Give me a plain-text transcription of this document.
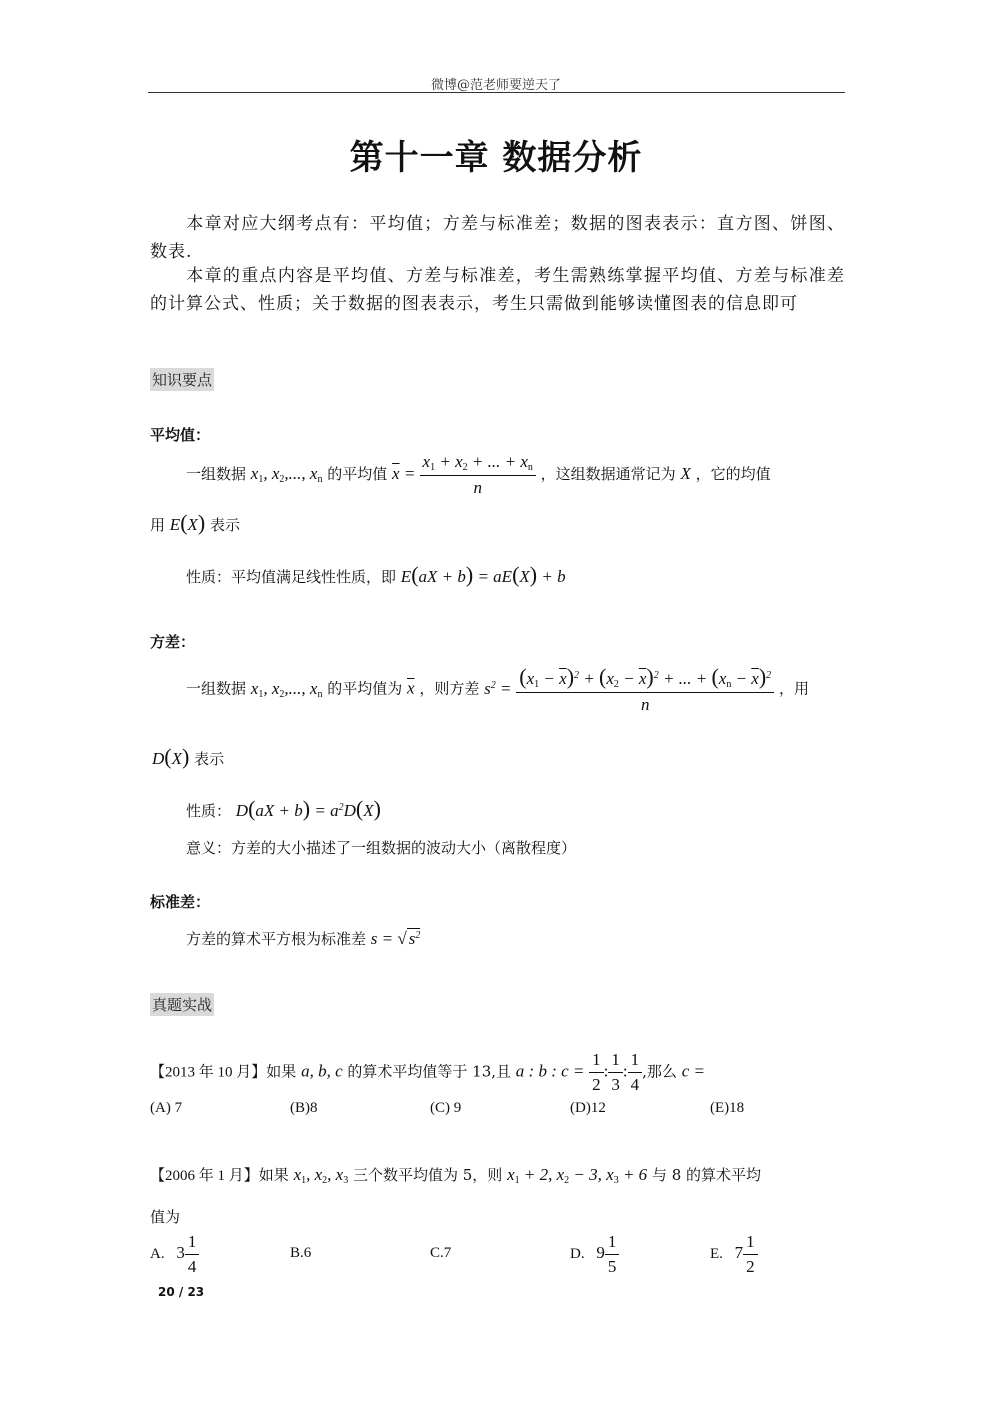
微博@范老师要逆天了
第十一章 数据分析
本章对应大纲考点有：平均值；方差与标准差；数据的图表表示：直方图、饼图、数表.
本章的重点内容是平均值、方差与标准差，考生需熟练掌握平均值、方差与标准差的计算公式、性质；关于数据的图表表示，考生只需做到能够读懂图表的信息即可
知识要点
平均值：
一组数据 $x_1$, $x_2$,..., $x_n$ 的平均值 $\overline{x} = \frac{x_1 + x_2 + ... + x_n}{n}$ ，这组数据通常记为 X ，它的均值
用 E(X) 表示
性质：平均值满足线性性质，即 E(aX + b) = aE(X) + b
方差：
一组数据 $x_1$, $x_2$,..., $x_n$ 的平均值为 $\overline{x}$ ，则方差 $s^2 = \frac{(x_1 - \overline{x})^2 + (x_2 - \overline{x})^2 + ... + (x_n - \overline{x})^2}{n}$ ，用
D(X) 表示
性质： $D(aX + b) = a^2D(X)$
意义：方差的大小描述了一组数据的波动大小（离散程度）
标准差：
方差的算术平方根为标准差 s = √ $s^2$
真题实战
【2013 年 10 月】如果 a, b, c 的算术平均值等于 13,且 a : b : $c = \frac{1}{2}$ : $\frac{1}{3}$ : $\frac{1}{4}$ ,那么 c =
(A) 7	(B)8	(C) 9	(D)12	(E)18
【2006 年 1 月】如果 $x_1$, $x_2$, $x_3$ 三个数平均值为 5，则 $x_1 + 2$, $x_2 - 3$, $x_3 + 6$ 与 8 的算术平均
值为
A. $3 \frac{1}{4}$	B.6	C.7	D. $9 \frac{1}{5}$	E. $7 \frac{1}{2}$
20 / 23
